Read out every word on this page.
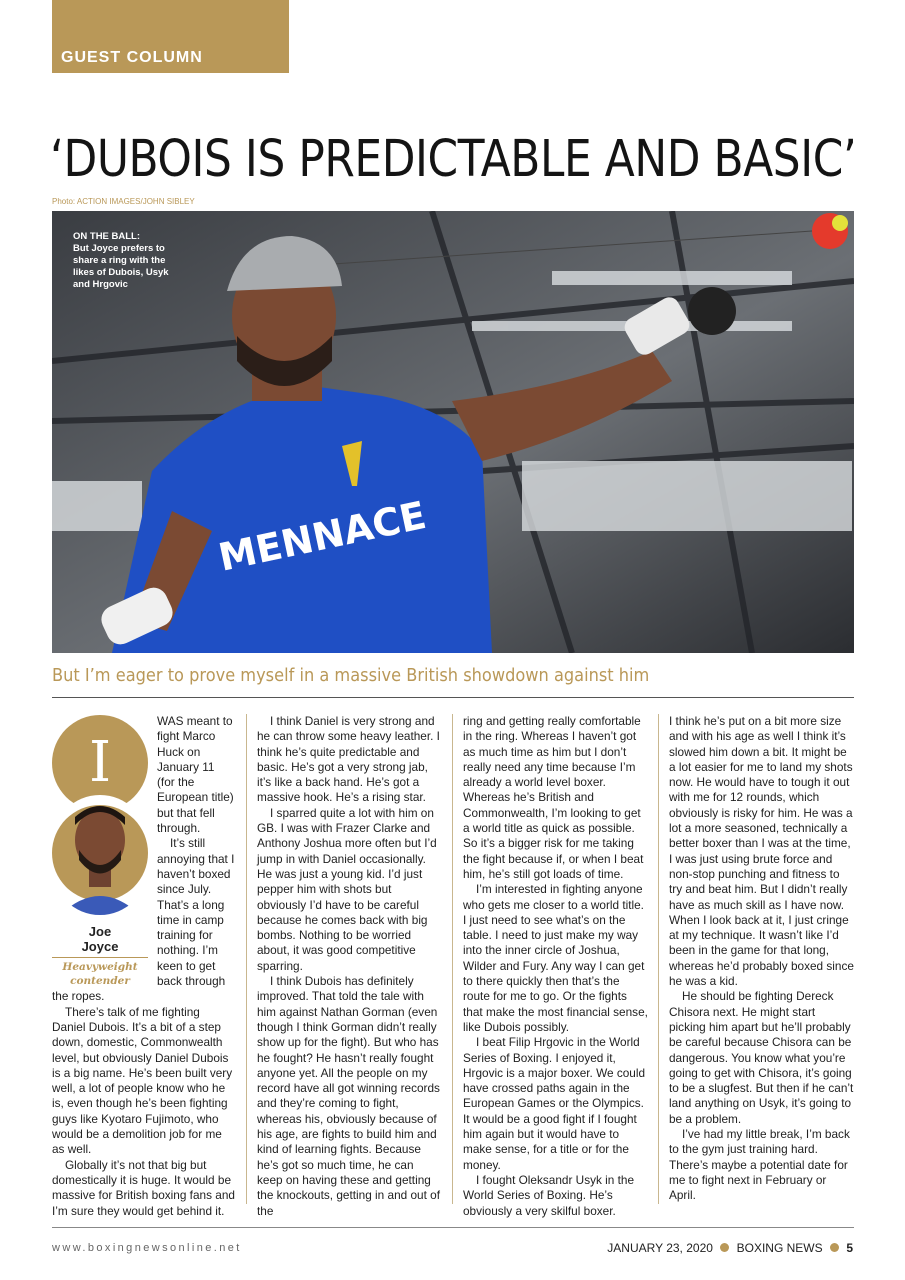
GUEST COLUMN
‘DUBOIS IS PREDICTABLE AND BASIC’
Photo: ACTION IMAGES/JOHN SIBLEY
MENNACE
ON THE BALL:
But Joyce prefers to share a ring with the likes of Dubois, Usyk and Hrgovic
But I’m eager to prove myself in a massive British showdown against him
I
Joe
Joyce
Heavyweight contender

WAS meant to fight Marco Huck on January 11 (for the European title) but that fell through.

It’s still annoying that I haven’t boxed since July. That’s a long time in camp training for nothing. I’m keen to get back through the ropes.

There’s talk of me fighting Daniel Dubois. It’s a bit of a step down, domestic, Commonwealth level, but obviously Daniel Dubois is a big name. He’s been built very well, a lot of people know who he is, even though he’s been fighting guys like Kyotaro Fujimoto, who would be a demolition job for me as well.

Globally it’s not that big but domestically it is huge. It would be massive for British boxing fans and I’m sure they would get behind it.

I think Daniel is very strong and he can throw some heavy leather. I think he’s quite predictable and basic. He’s got a very strong jab, it’s like a back hand. He’s got a massive hook. He’s a rising star.

I sparred quite a lot with him on GB. I was with Frazer Clarke and Anthony Joshua more often but I’d jump in with Daniel occasionally. He was just a young kid. I’d just pepper him with shots but obviously I’d have to be careful because he comes back with big bombs. Nothing to be worried about, it was good competitive sparring.

I think Dubois has definitely improved. That told the tale with him against Nathan Gorman (even though I think Gorman didn’t really show up for the fight). But who has he fought? He hasn’t really fought anyone yet. All the people on my record have all got winning records and they’re coming to fight, whereas his, obviously because of his age, are fights to build him and kind of learning fights. Because he’s got so much time, he can keep on having these and getting the knockouts, getting in and out of the

ring and getting really comfortable in the ring. Whereas I haven’t got as much time as him but I don’t really need any time because I’m already a world level boxer. Whereas he’s British and Commonwealth, I’m looking to get a world title as quick as possible. So it’s a bigger risk for me taking the fight because if, or when I beat him, he’s still got loads of time.

I’m interested in fighting anyone who gets me closer to a world title. I just need to see what’s on the table. I need to just make my way into the inner circle of Joshua, Wilder and Fury. Any way I can get to there quickly then that’s the route for me to go. Or the fights that make the most financial sense, like Dubois possibly.

I beat Filip Hrgovic in the World Series of Boxing. I enjoyed it, Hrgovic is a major boxer. We could have crossed paths again in the European Games or the Olympics. It would be a good fight if I fought him again but it would have to make sense, for a title or for the money.

I fought Oleksandr Usyk in the World Series of Boxing. He’s obviously a very skilful boxer.

I think he’s put on a bit more size and with his age as well I think it’s slowed him down a bit. It might be a lot easier for me to land my shots now. He would have to tough it out with me for 12 rounds, which obviously is risky for him. He was a lot a more seasoned, technically a better boxer than I was at the time, I was just using brute force and non-stop punching and fitness to try and beat him. But I didn’t really have as much skill as I have now. When I look back at it, I just cringe at my technique. It wasn’t like I’d been in the game for that long, whereas he’d probably boxed since he was a kid.

He should be fighting Dereck Chisora next. He might start picking him apart but he’ll probably be careful because Chisora can be dangerous. You know what you’re going to get with Chisora, it’s going to be a slugfest. But then if he can’t land anything on Usyk, it’s going to be a problem.

I’ve had my little break, I’m back to the gym just training hard. There’s maybe a potential date for me to fight next in February or April.

www.boxingnewsonline.net	JANUARY 23, 2020 BOXING NEWS 5
